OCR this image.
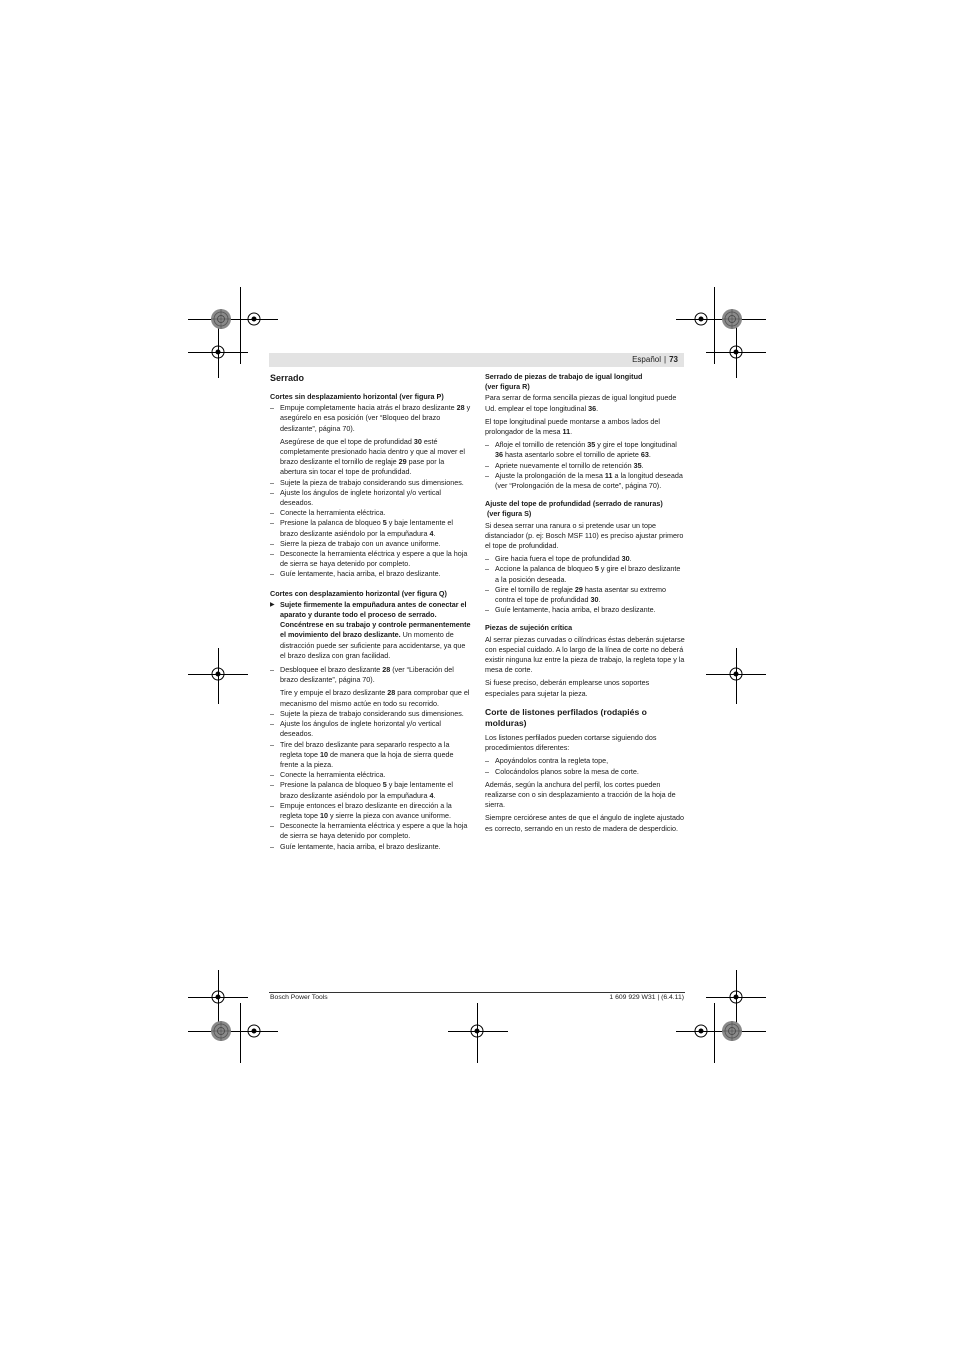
Español | 73
Serrado
Cortes sin desplazamiento horizontal (ver figura P)
– Empuje completamente hacia atrás el brazo deslizante 28 y asegúrelo en esa posición (ver “Bloqueo del brazo deslizante”, página 70).
Asegúrese de que el tope de profundidad 30 esté completamente presionado hacia dentro y que al mover el brazo deslizante el tornillo de reglaje 29 pase por la abertura sin tocar el tope de profundidad.
– Sujete la pieza de trabajo considerando sus dimensiones.
– Ajuste los ángulos de inglete horizontal y/o vertical deseados.
– Conecte la herramienta eléctrica.
– Presione la palanca de bloqueo 5 y baje lentamente el brazo deslizante asiéndolo por la empuñadura 4.
– Sierre la pieza de trabajo con un avance uniforme.
– Desconecte la herramienta eléctrica y espere a que la hoja de sierra se haya detenido por completo.
– Guíe lentamente, hacia arriba, el brazo deslizante.
Cortes con desplazamiento horizontal (ver figura Q)
▶ Sujete firmemente la empuñadura antes de conectar el aparato y durante todo el proceso de serrado. Concéntrese en su trabajo y controle permanentemente el movimiento del brazo deslizante. Un momento de distracción puede ser suficiente para accidentarse, ya que el brazo desliza con gran facilidad.
– Desbloquee el brazo deslizante 28 (ver “Liberación del brazo deslizante”, página 70).
Tire y empuje el brazo deslizante 28 para comprobar que el mecanismo del mismo actúe en todo su recorrido.
– Sujete la pieza de trabajo considerando sus dimensiones.
– Ajuste los ángulos de inglete horizontal y/o vertical deseados.
– Tire del brazo deslizante para separarlo respecto a la regleta tope 10 de manera que la hoja de sierra quede frente a la pieza.
– Conecte la herramienta eléctrica.
– Presione la palanca de bloqueo 5 y baje lentamente el brazo deslizante asiéndolo por la empuñadura 4.
– Empuje entonces el brazo deslizante en dirección a la regleta tope 10 y sierre la pieza con avance uniforme.
– Desconecte la herramienta eléctrica y espere a que la hoja de sierra se haya detenido por completo.
– Guíe lentamente, hacia arriba, el brazo deslizante.
Serrado de piezas de trabajo de igual longitud
(ver figura R)

Para serrar de forma sencilla piezas de igual longitud puede Ud. emplear el tope longitudinal 36.

El tope longitudinal puede montarse a ambos lados del prolongador de la mesa 11.

– Afloje el tornillo de retención 35 y gire el tope longitudinal 36 hasta asentarlo sobre el tornillo de apriete 63.
– Apriete nuevamente el tornillo de retención 35.
– Ajuste la prolongación de la mesa 11 a la longitud deseada (ver “Prolongación de la mesa de corte”, página 70).
Ajuste del tope de profundidad (serrado de ranuras)
(ver figura S)

Si desea serrar una ranura o si pretende usar un tope distanciador (p. ej: Bosch MSF 110) es preciso ajustar primero el tope de profundidad.

– Gire hacia fuera el tope de profundidad 30.
– Accione la palanca de bloqueo 5 y gire el brazo deslizante a la posición deseada.
– Gire el tornillo de reglaje 29 hasta asentar su extremo contra el tope de profundidad 30.
– Guíe lentamente, hacia arriba, el brazo deslizante.
Piezas de sujeción crítica

Al serrar piezas curvadas o cilíndricas éstas deberán sujetarse con especial cuidado. A lo largo de la línea de corte no deberá existir ninguna luz entre la pieza de trabajo, la regleta tope y la mesa de corte.

Si fuese preciso, deberán emplearse unos soportes especiales para sujetar la pieza.

Corte de listones perfilados (rodapiés o molduras)

Los listones perfilados pueden cortarse siguiendo dos procedimientos diferentes:

– Apoyándolos contra la regleta tope,
– Colocándolos planos sobre la mesa de corte.

Además, según la anchura del perfil, los cortes pueden realizarse con o sin desplazamiento a tracción de la hoja de sierra.

Siempre cerciórese antes de que el ángulo de inglete ajustado es correcto, serrando en un resto de madera de desperdicio.

Bosch Power Tools	1 609 929 W31 | (6.4.11)
